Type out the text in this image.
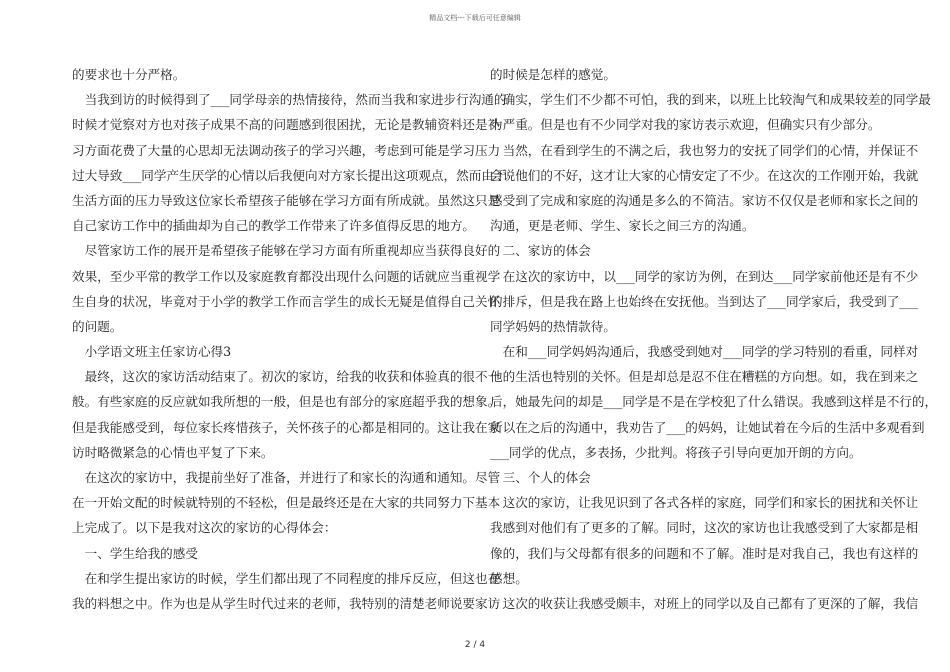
精品文档---下载后可任意编辑
的要求也十分严格。
　当我到访的时候得到了___同学母亲的热情接待，然而当我和家进步行沟通的
时候才觉察对方也对孩子成果不高的问题感到很困扰，无论是教辅资料还是补
习方面花费了大量的心思却无法调动孩子的学习兴趣，考虑到可能是学习压力
过大导致___同学产生厌学的心情以后我便向对方家长提出这项观点，然而由于
生活方面的压力导致这位家长希望孩子能够在学习方面有所成就。虽然这只是
自己家访工作中的插曲却为自己的教学工作带来了许多值得反思的地方。
　尽管家访工作的展开是希望孩子能够在学习方面有所重视却应当获得良好的
效果，至少平常的教学工作以及家庭教育都没出现什么问题的话就应当重视学
生自身的状况，毕竟对于小学的教学工作而言学生的成长无疑是值得自己关怀
的问题。
　小学语文班主任家访心得3
　最终，这次的家访活动结束了。初次的家访，给我的收获和体验真的很不一
般。有些家庭的反应就如我所想的一般，但是也有部分的家庭超乎我的想象。
但是我能感受到，每位家长疼惜孩子，关怀孩子的心都是相同的。这让我在家
访时略微紧急的心情也平复了下来。
　在这次的家访中，我提前坐好了准备，并进行了和家长的沟通和通知。尽管
在一开始文配的时候就特别的不轻松，但是最终还是在大家的共同努力下基本
上完成了。以下是我对这次的家访的心得体会：
　一、学生给我的感受
　在和学生提出家访的时候，学生们都出现了不同程度的排斥反应，但这也在
我的料想之中。作为也是从学生时代过来的老师，我特别的清楚老师说要家访
的时候是怎样的感觉。
　确实，学生们不少都不可怕，我的到来，以班上比较淘气和成果较差的同学最
为严重。但是也有不少同学对我的家访表示欢迎，但确实只有少部分。
　当然，在看到学生的不满之后，我也努力的安抚了同学们的心情，并保证不
会说他们的不好，这才让大家的心情安定了不少。在这次的工作刚开始，我就
感受到了完成和家庭的沟通是多么的不简洁。家访不仅仅是老师和家长之间的
沟通，更是老师、学生、家长之间三方的沟通。
　二、家访的体会
　在这次的家访中，以___同学的家访为例，在到达___同学家前他还是有不少
的排斥，但是我在路上也始终在安抚他。当到达了___同学家后，我受到了___
同学妈妈的热情款待。
　在和___同学妈妈沟通后，我感受到她对___同学的学习特别的看重，同样对
他的生活也特别的关怀。但是却总是忍不住在糟糕的方向想。如，我在到来之
后，她最先问的却是___同学是不是在学校犯了什么错误。我感到这样是不行的，
所以在之后的沟通中，我劝告了___的妈妈，让她试着在今后的生活中多观看到
___同学的优点，多表扬，少批判。将孩子引导向更加开朗的方向。
　三、个人的体会
　这次的家访，让我见识到了各式各样的家庭，同学们和家长的困扰和关怀让
我感到对他们有了更多的了解。同时，这次的家访也让我感受到了大家都是相
像的，我们与父母都有很多的问题和不了解。准时是对我自己，我也有这样的
感想。
　这次的收获让我感受颇丰，对班上的同学以及自己都有了更深的了解，我信
2 / 4
